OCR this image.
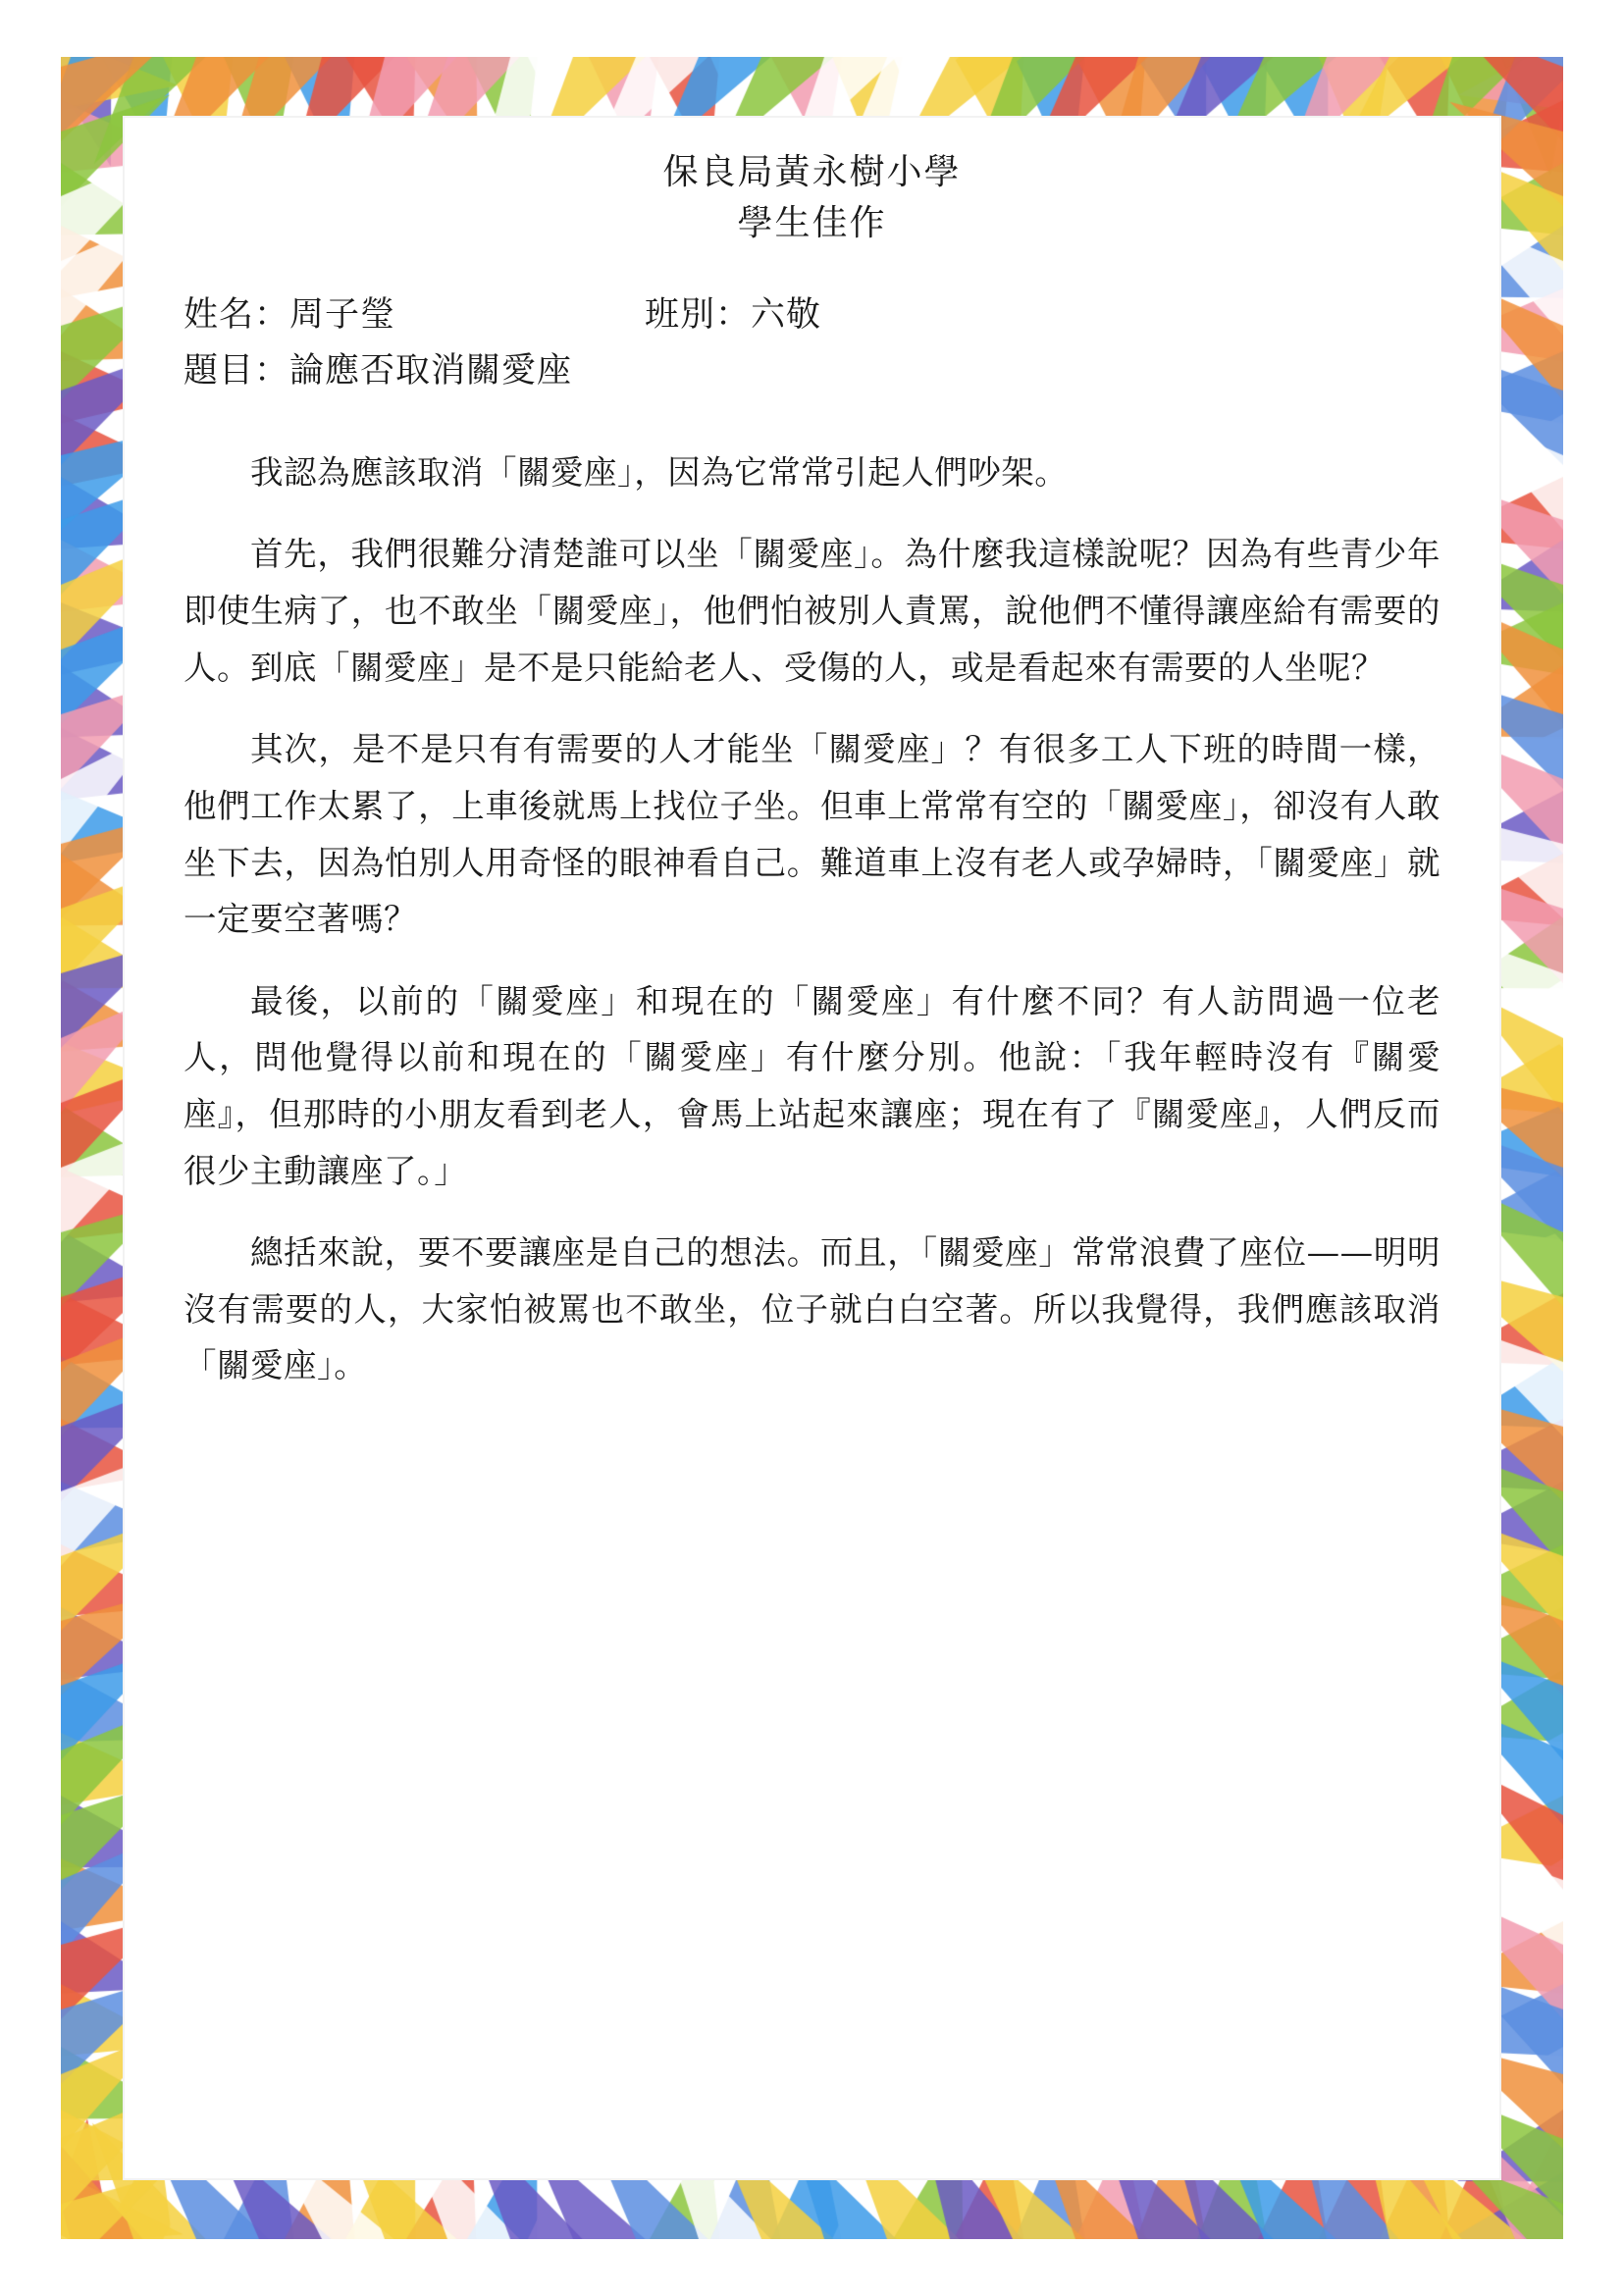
保良局黃永樹小學
學生佳作
姓名：周子瑩	班別：六敬
題目： 論應否取消關愛座

我認為應該取消「關愛座」，因為它常常引起人們吵架。

首先，我們很難分清楚誰可以坐「關愛座」。為什麼我這樣說呢？因為有些青少年即使生病了，也不敢坐「關愛座」，他們怕被別人責罵，說他們不懂得讓座給有需要的人。到底「關愛座」是不是只能給老人、受傷的人，或是看起來有需要的人坐呢？

其次，是不是只有有需要的人才能坐「關愛座」？有很多工人下班的時間一樣，他們工作太累了，上車後就馬上找位子坐。但車上常常有空的「關愛座」，卻沒有人敢坐下去，因為怕別人用奇怪的眼神看自己。難道車上沒有老人或孕婦時，「關愛座」就一定要空著嗎？

最後，以前的「關愛座」和現在的「關愛座」有什麼不同？有人訪問過一位老人，問他覺得以前和現在的「關愛座」有什麼分別。他說：「我年輕時沒有『關愛座』，但那時的小朋友看到老人，會馬上站起來讓座；現在有了『關愛座』，人們反而很少主動讓座了。」

總括來說，要不要讓座是自己的想法。而且，「關愛座」常常浪費了座位——明明沒有需要的人，大家怕被罵也不敢坐，位子就白白空著。所以我覺得，我們應該取消「關愛座」。
